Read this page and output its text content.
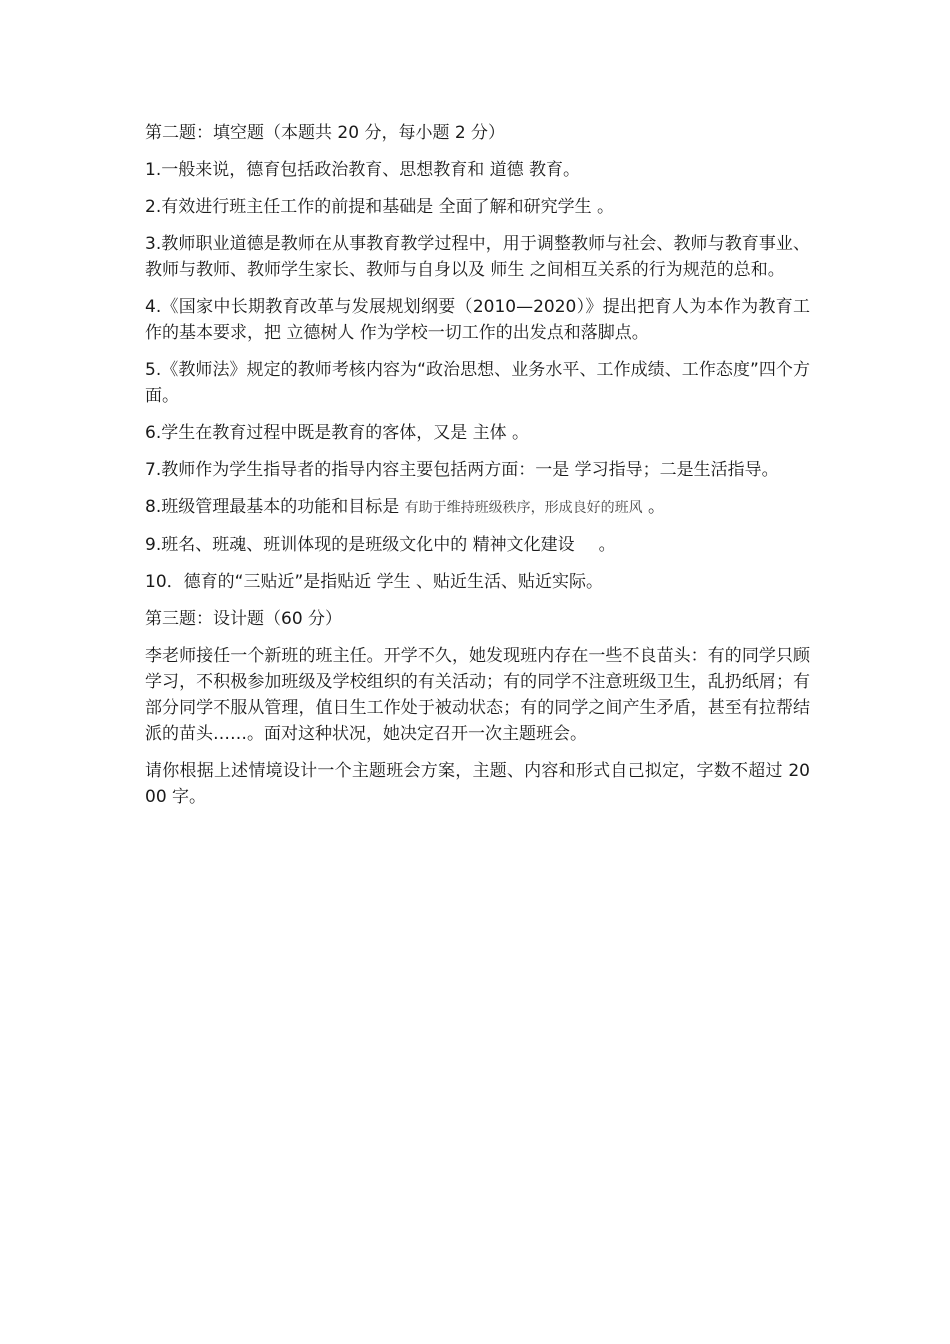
第二题：填空题（本题共 20 分，每小题 2 分）

1.一般来说，德育包括政治教育、思想教育和 道德 教育。

2.有效进行班主任工作的前提和基础是 全面了解和研究学生 。

3.教师职业道德是教师在从事教育教学过程中，用于调整教师与社会、教师与教育事业、教师与教师、教师学生家长、教师与自身以及 师生 之间相互关系的行为规范的总和。

4.《国家中长期教育改革与发展规划纲要（2010—2020）》提出把育人为本作为教育工作的基本要求，把 立德树人 作为学校一切工作的出发点和落脚点。

5.《教师法》规定的教师考核内容为“政治思想、业务水平、工作成绩、工作态度”四个方面。

6.学生在教育过程中既是教育的客体，又是 主体 。

7.教师作为学生指导者的指导内容主要包括两方面：一是 学习指导；二是生活指导。

8.班级管理最基本的功能和目标是 有助于维持班级秩序，形成良好的班风 。

9.班名、班魂、班训体现的是班级文化中的 精神文化建设 。

10．德育的“三贴近”是指贴近 学生 、贴近生活、贴近实际。

第三题：设计题（60 分）

李老师接任一个新班的班主任。开学不久，她发现班内存在一些不良苗头：有的同学只顾学习，不积极参加班级及学校组织的有关活动；有的同学不注意班级卫生，乱扔纸屑；有部分同学不服从管理，值日生工作处于被动状态；有的同学之间产生矛盾，甚至有拉帮结派的苗头……。面对这种状况，她决定召开一次主题班会。

请你根据上述情境设计一个主题班会方案，主题、内容和形式自己拟定，字数不超过 2000 字。
